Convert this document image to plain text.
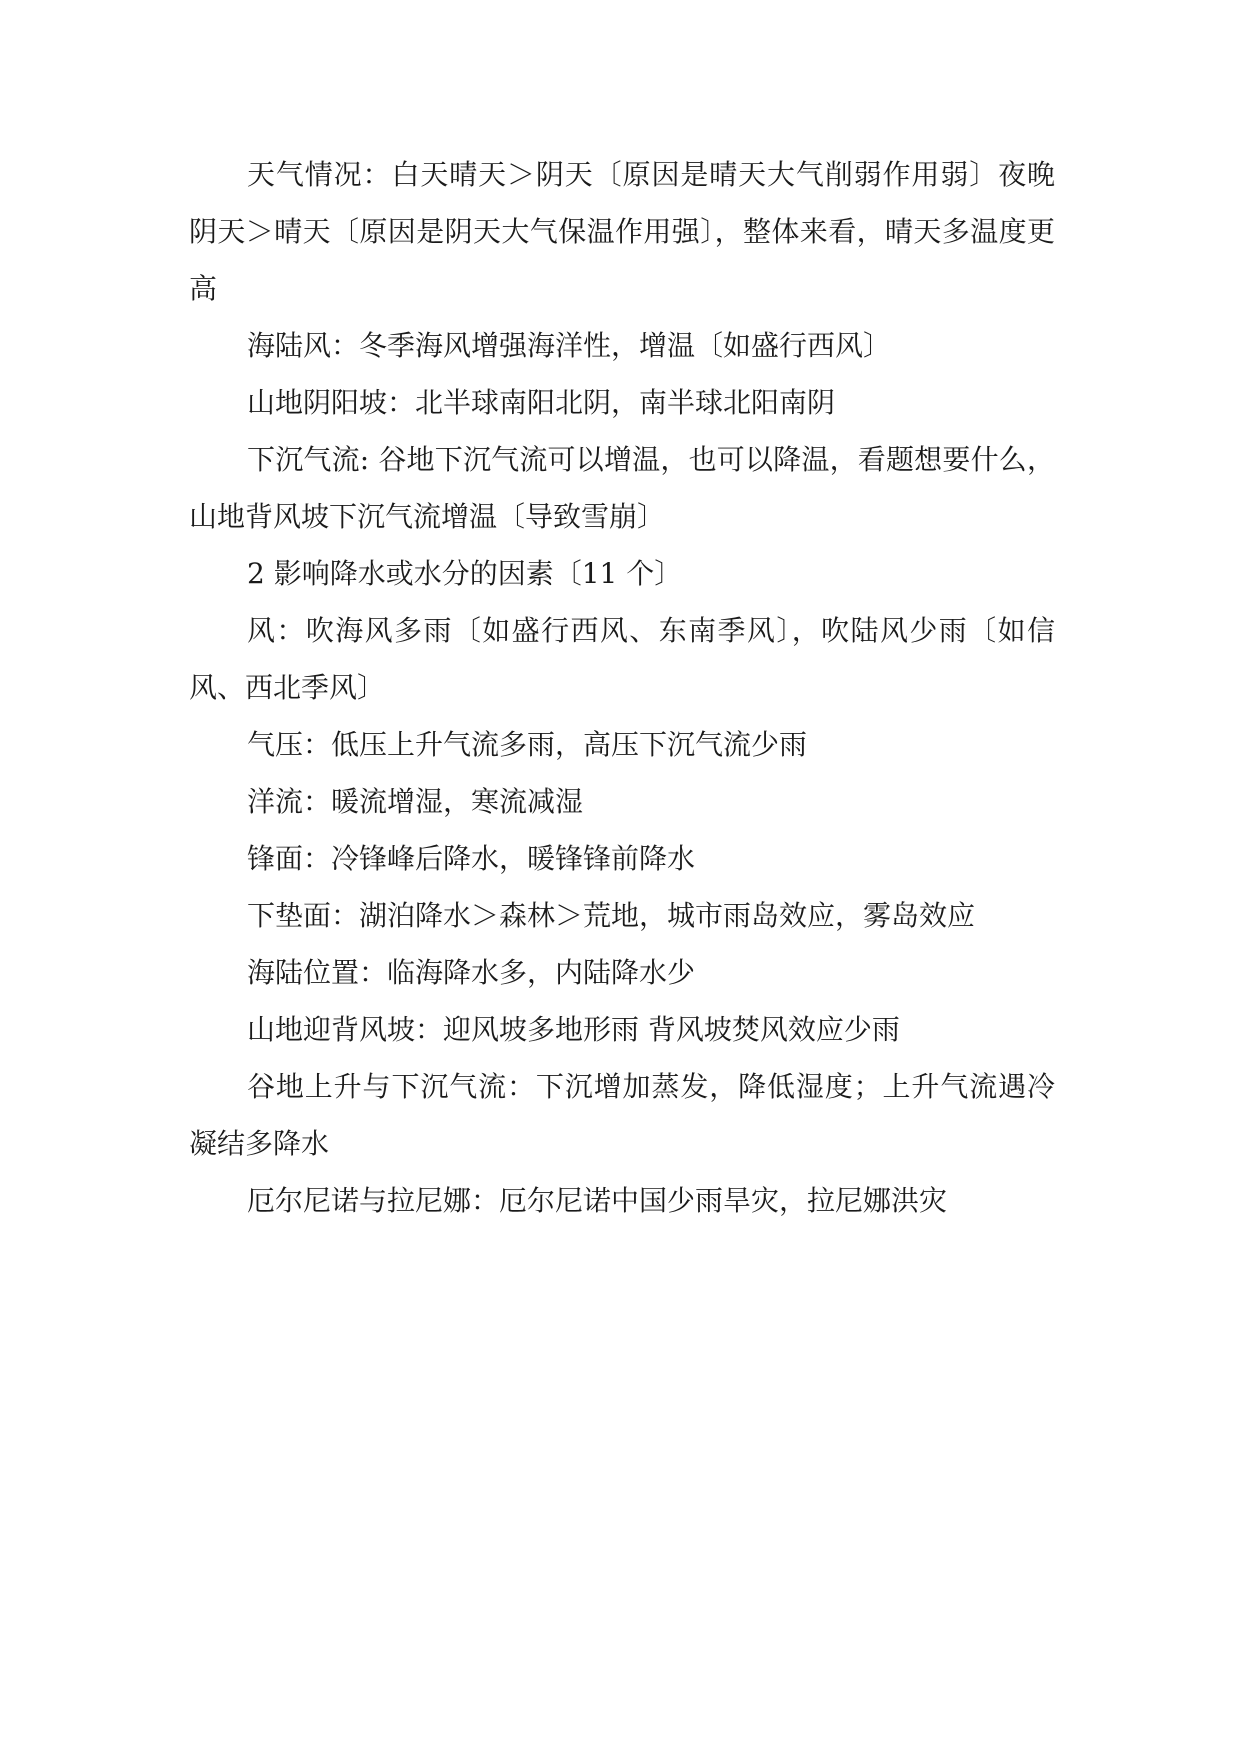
天气情况：白天晴天＞阴天〔原因是晴天大气削弱作用弱〕夜晚阴天＞晴天〔原因是阴天大气保温作用强〕，整体来看，晴天多温度更高

海陆风：冬季海风增强海洋性，增温〔如盛行西风〕

山地阴阳坡：北半球南阳北阴，南半球北阳南阴

下沉气流: 谷地下沉气流可以增温，也可以降温，看题想要什么，山地背风坡下沉气流增温〔导致雪崩〕

2 影响降水或水分的因素〔11 个〕

风：吹海风多雨〔如盛行西风、东南季风〕，吹陆风少雨〔如信风、西北季风〕

气压：低压上升气流多雨，高压下沉气流少雨

洋流：暖流增湿，寒流减湿

锋面：冷锋峰后降水，暖锋锋前降水

下垫面：湖泊降水＞森林＞荒地，城市雨岛效应，雾岛效应

海陆位置：临海降水多，内陆降水少

山地迎背风坡：迎风坡多地形雨 背风坡焚风效应少雨

谷地上升与下沉气流：下沉增加蒸发，降低湿度；上升气流遇冷凝结多降水

厄尔尼诺与拉尼娜：厄尔尼诺中国少雨旱灾，拉尼娜洪灾
